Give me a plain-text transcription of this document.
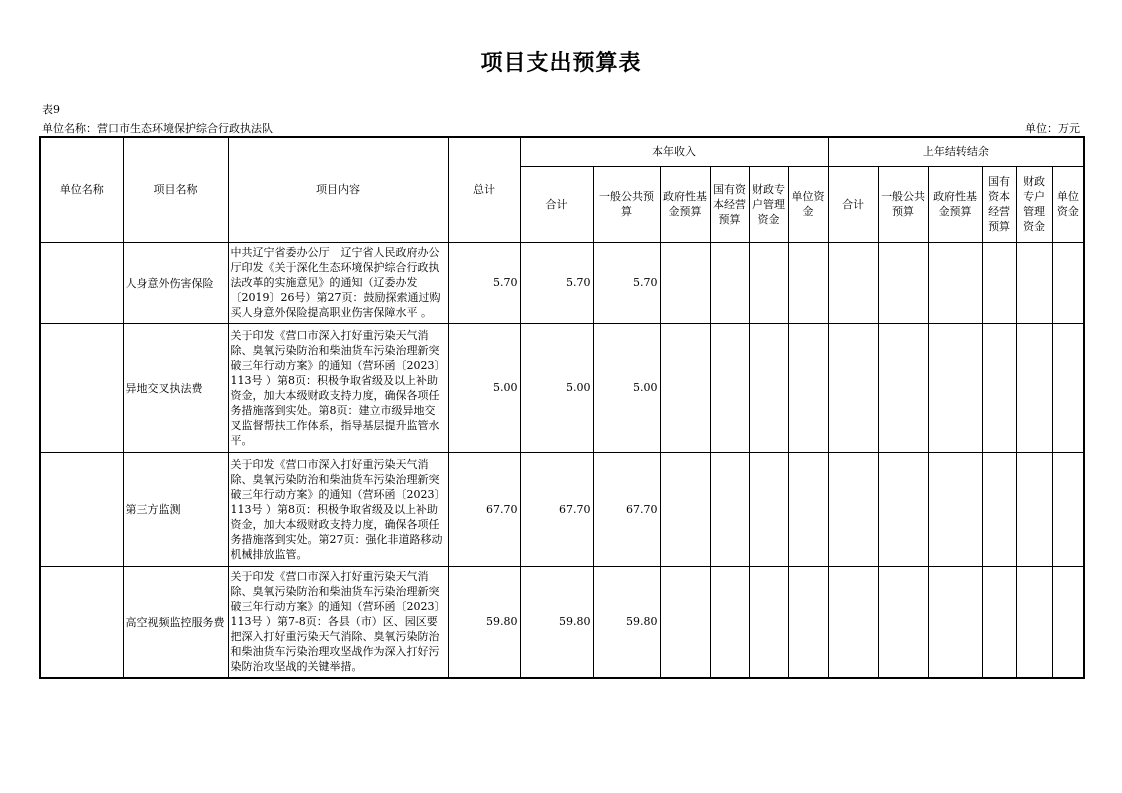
项目支出预算表
表9
单位名称：营口市生态环境保护综合行政执法队	单位：万元
单位名称	项目名称	项目内容	总计	本年收入						上年结转结余					
				合计	一般公共预算	政府性基金预算	国有资本经营预算	财政专户管理资金	单位资金	合计	一般公共预算	政府性基金预算	国有资本经营预算	财政专户管理资金	单位资金
	人身意外伤害保险	中共辽宁省委办公厅　辽宁省人民政府办公厅印发《关于深化生态环境保护综合行政执法改革的实施意见》的通知（辽委办发〔2019〕26号）第27页：鼓励探索通过购买人身意外保险提高职业伤害保障水平 。	5.70	5.70	5.70										
	异地交叉执法费	关于印发《营口市深入打好重污染天气消除、臭氧污染防治和柴油货车污染治理新突破三年行动方案》的通知（营环函〔2023〕113号 ）第8页：积极争取省级及以上补助资金，加大本级财政支持力度，确保各项任务措施落到实处。第8页：建立市级异地交叉监督帮扶工作体系，指导基层提升监管水平。	5.00	5.00	5.00										
	第三方监测	关于印发《营口市深入打好重污染天气消除、臭氧污染防治和柴油货车污染治理新突破三年行动方案》的通知（营环函〔2023〕113号 ）第8页：积极争取省级及以上补助资金，加大本级财政支持力度，确保各项任务措施落到实处。第27页：强化非道路移动机械排放监管。	67.70	67.70	67.70										
	高空视频监控服务费	关于印发《营口市深入打好重污染天气消除、臭氧污染防治和柴油货车污染治理新突破三年行动方案》的通知（营环函〔2023〕113号 ）第7-8页：各县（市）区、园区要把深入打好重污染天气消除、臭氧污染防治和柴油货车污染治理攻坚战作为深入打好污染防治攻坚战的关键举措。	59.80	59.80	59.80										
